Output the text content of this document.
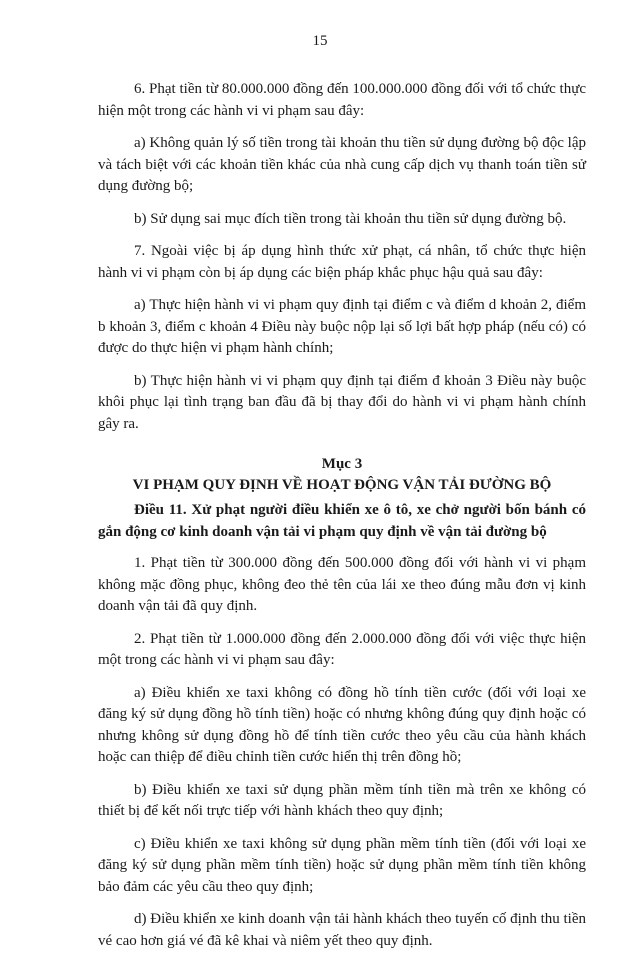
15

6. Phạt tiền từ 80.000.000 đồng đến 100.000.000 đồng đối với tổ chức thực hiện một trong các hành vi vi phạm sau đây:

a) Không quản lý số tiền trong tài khoản thu tiền sử dụng đường bộ độc lập và tách biệt với các khoản tiền khác của nhà cung cấp dịch vụ thanh toán tiền sử dụng đường bộ;

b) Sử dụng sai mục đích tiền trong tài khoản thu tiền sử dụng đường bộ.

7. Ngoài việc bị áp dụng hình thức xử phạt, cá nhân, tổ chức thực hiện hành vi vi phạm còn bị áp dụng các biện pháp khắc phục hậu quả sau đây:

a) Thực hiện hành vi vi phạm quy định tại điểm c và điểm d khoản 2, điểm b khoản 3, điểm c khoản 4 Điều này buộc nộp lại số lợi bất hợp pháp (nếu có) có được do thực hiện vi phạm hành chính;

b) Thực hiện hành vi vi phạm quy định tại điểm đ khoản 3 Điều này buộc khôi phục lại tình trạng ban đầu đã bị thay đổi do hành vi vi phạm hành chính gây ra.

Mục 3
VI PHẠM QUY ĐỊNH VỀ HOẠT ĐỘNG VẬN TẢI ĐƯỜNG BỘ

Điều 11. Xử phạt người điều khiển xe ô tô, xe chở người bốn bánh có gắn động cơ kinh doanh vận tải vi phạm quy định về vận tải đường bộ

1. Phạt tiền từ 300.000 đồng đến 500.000 đồng đối với hành vi vi phạm không mặc đồng phục, không đeo thẻ tên của lái xe theo đúng mẫu đơn vị kinh doanh vận tải đã quy định.

2. Phạt tiền từ 1.000.000 đồng đến 2.000.000 đồng đối với việc thực hiện một trong các hành vi vi phạm sau đây:

a) Điều khiển xe taxi không có đồng hồ tính tiền cước (đối với loại xe đăng ký sử dụng đồng hồ tính tiền) hoặc có nhưng không đúng quy định hoặc có nhưng không sử dụng đồng hồ để tính tiền cước theo yêu cầu của hành khách hoặc can thiệp để điều chỉnh tiền cước hiển thị trên đồng hồ;

b) Điều khiển xe taxi sử dụng phần mềm tính tiền mà trên xe không có thiết bị để kết nối trực tiếp với hành khách theo quy định;

c) Điều khiển xe taxi không sử dụng phần mềm tính tiền (đối với loại xe đăng ký sử dụng phần mềm tính tiền) hoặc sử dụng phần mềm tính tiền không bảo đảm các yêu cầu theo quy định;

d) Điều khiển xe kinh doanh vận tải hành khách theo tuyến cố định thu tiền vé cao hơn giá vé đã kê khai và niêm yết theo quy định.
